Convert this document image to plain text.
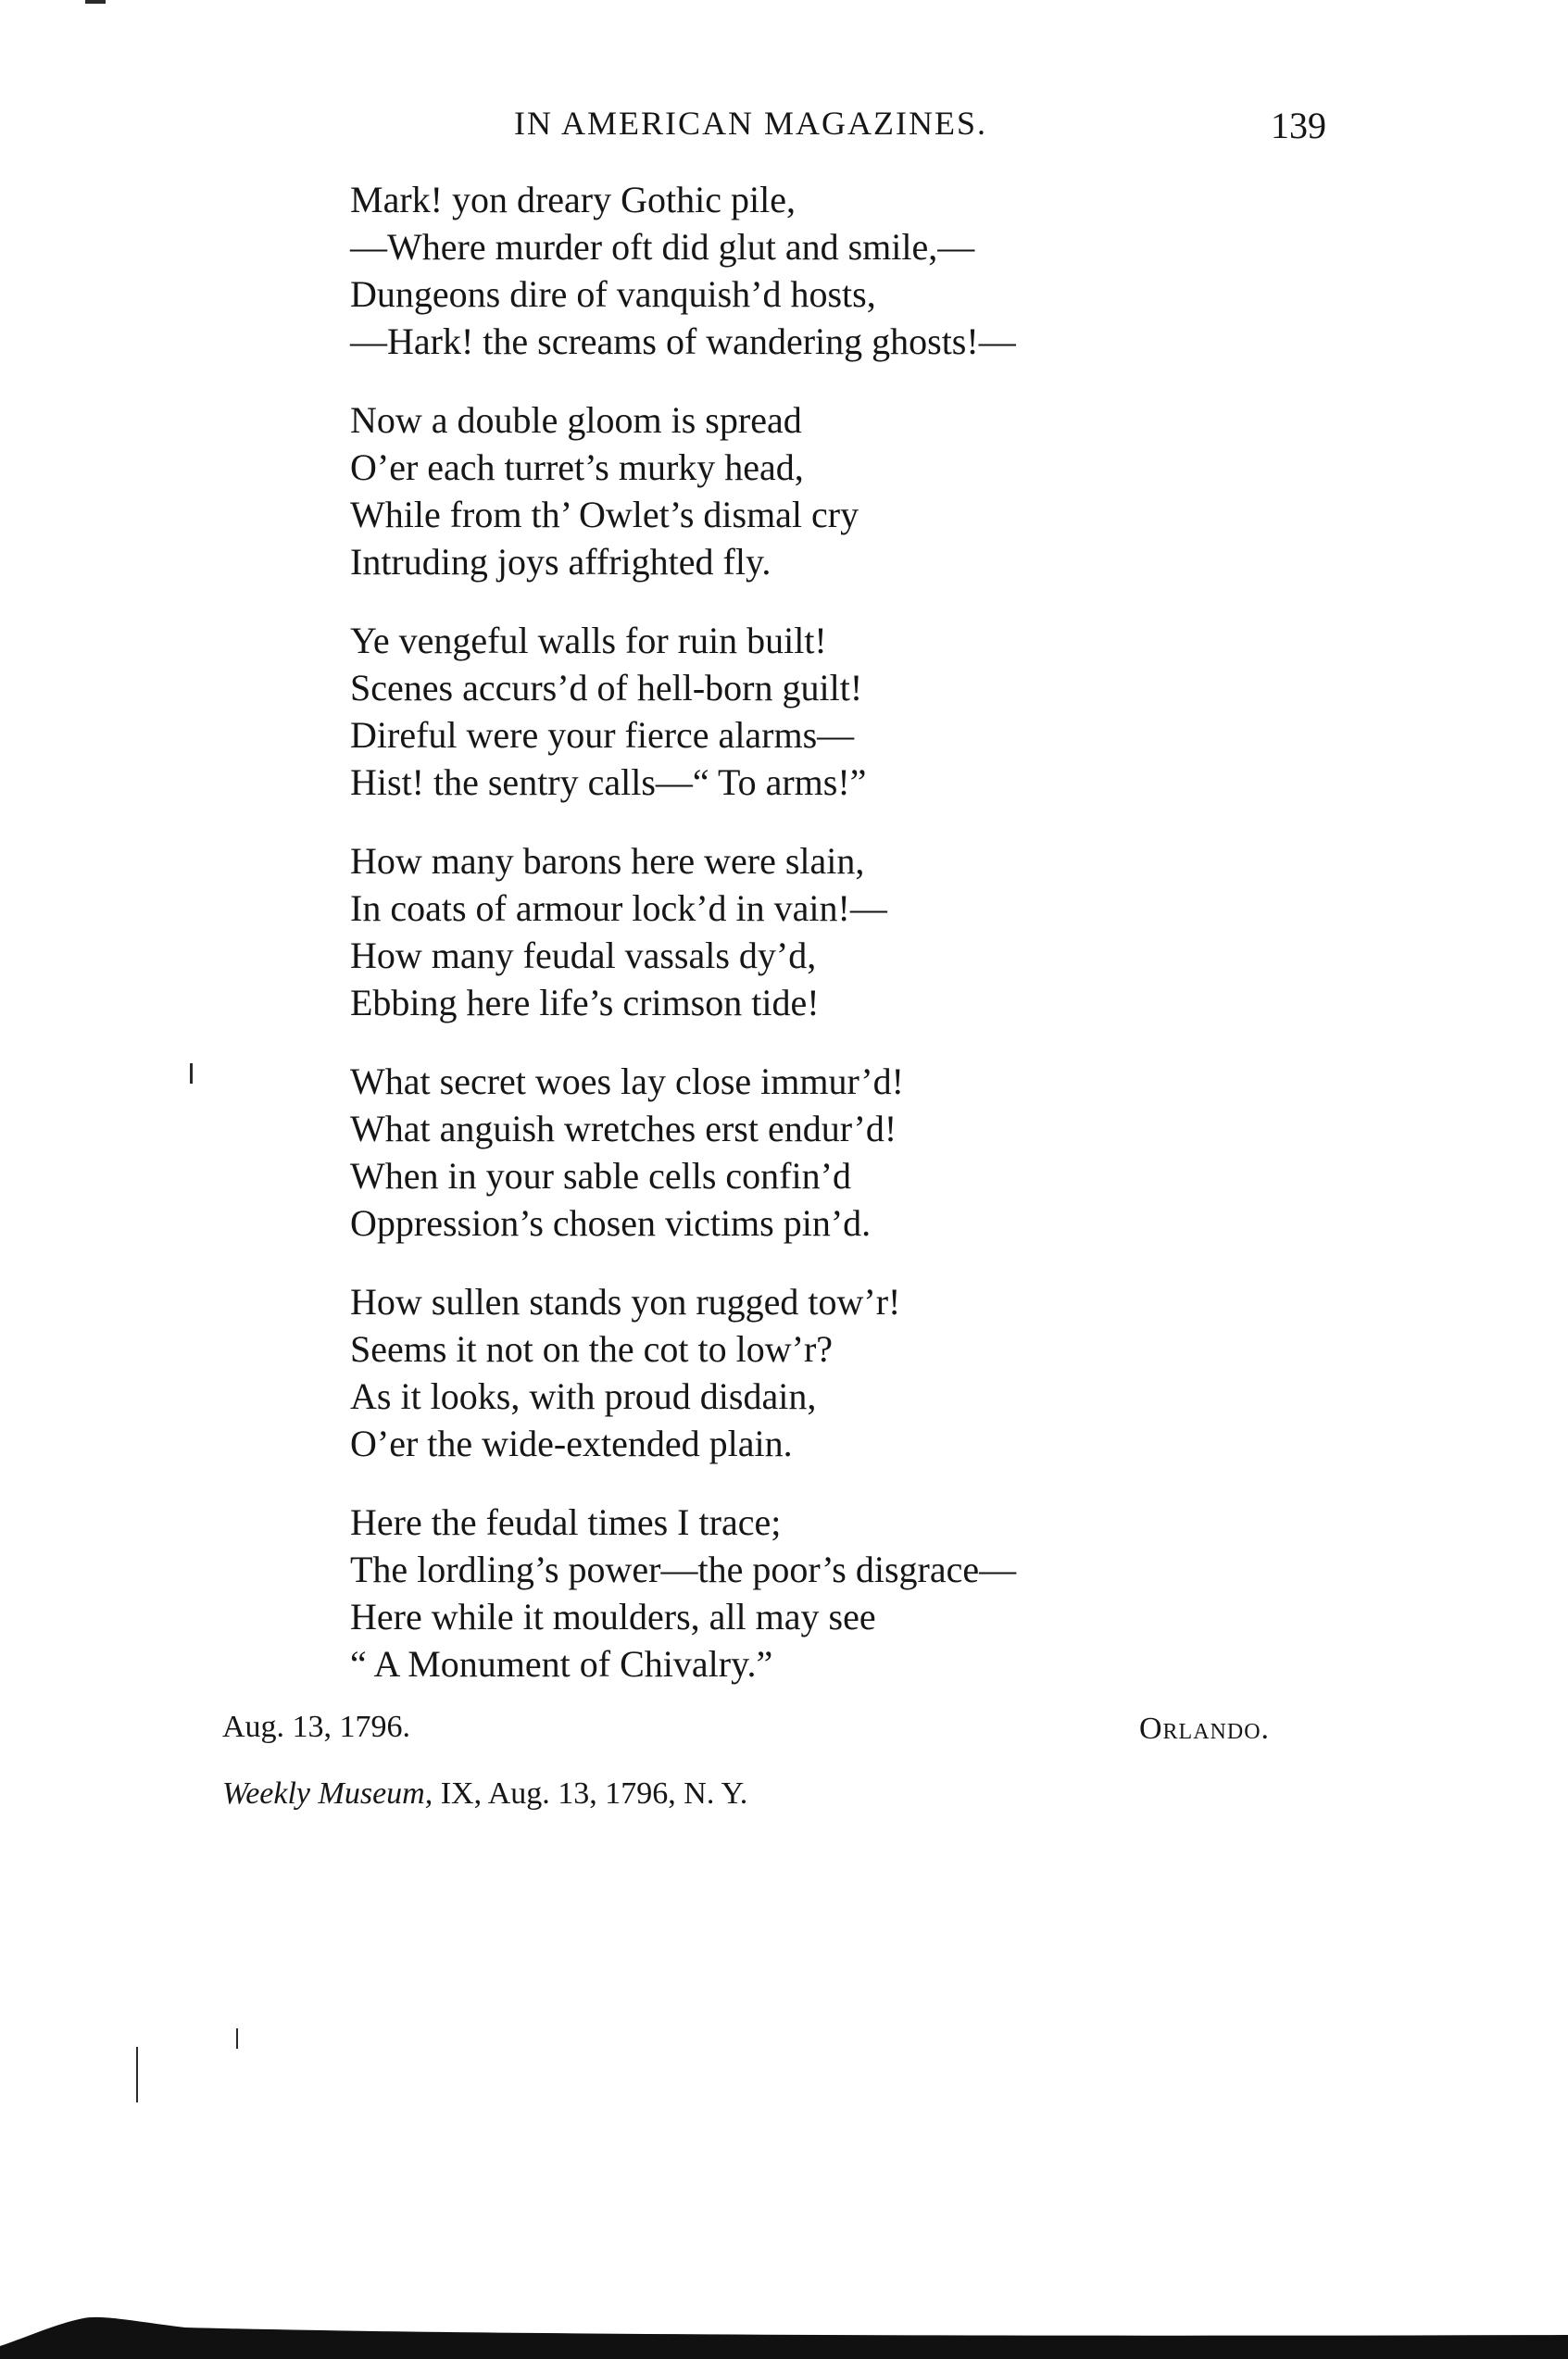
IN AMERICAN MAGAZINES.	139
Mark! yon dreary Gothic pile,
—Where murder oft did glut and smile,—
Dungeons dire of vanquish’d hosts,
—Hark! the screams of wandering ghosts!—
Now a double gloom is spread
O’er each turret’s murky head,
While from th’ Owlet’s dismal cry
Intruding joys affrighted fly.
Ye vengeful walls for ruin built!
Scenes accurs’d of hell-born guilt!
Direful were your fierce alarms—
Hist! the sentry calls—“ To arms!”
How many barons here were slain,
In coats of armour lock’d in vain!—
How many feudal vassals dy’d,
Ebbing here life’s crimson tide!
What secret woes lay close immur’d!
What anguish wretches erst endur’d!
When in your sable cells confin’d
Oppression’s chosen victims pin’d.
How sullen stands yon rugged tow’r!
Seems it not on the cot to low’r?
As it looks, with proud disdain,
O’er the wide-extended plain.
Here the feudal times I trace;
The lordling’s power—the poor’s disgrace—
Here while it moulders, all may see
“ A Monument of Chivalry.”
Aug. 13, 1796.	Orlando.
Weekly Museum, IX, Aug. 13, 1796, N. Y.
